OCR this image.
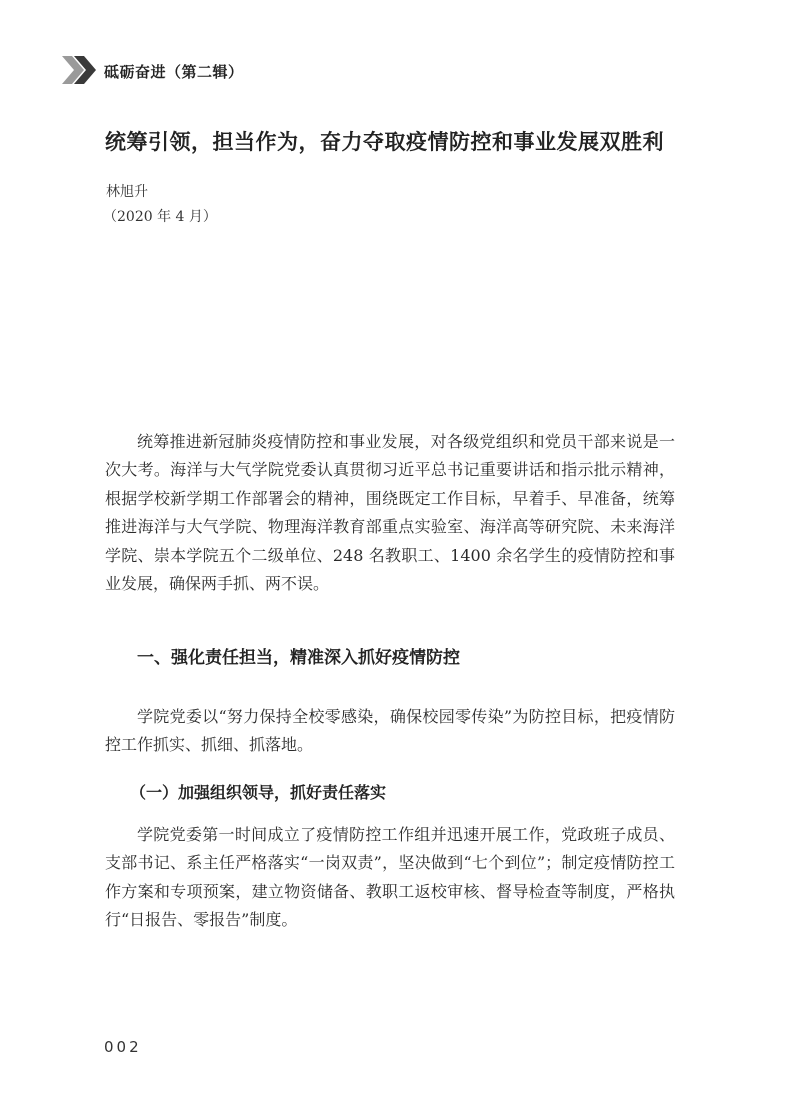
砥砺奋进（第二辑）
统筹引领，担当作为，奋力夺取疫情防控和事业发展双胜利
林旭升
（2020 年 4 月）

统筹推进新冠肺炎疫情防控和事业发展，对各级党组织和党员干部来说是一次大考。海洋与大气学院党委认真贯彻习近平总书记重要讲话和指示批示精神，根据学校新学期工作部署会的精神，围绕既定工作目标，早着手、早准备，统筹推进海洋与大气学院、物理海洋教育部重点实验室、海洋高等研究院、未来海洋学院、崇本学院五个二级单位、248 名教职工、1400 余名学生的疫情防控和事业发展，确保两手抓、两不误。

一、强化责任担当，精准深入抓好疫情防控

学院党委以“努力保持全校零感染，确保校园零传染”为防控目标，把疫情防控工作抓实、抓细、抓落地。

（一）加强组织领导，抓好责任落实

学院党委第一时间成立了疫情防控工作组并迅速开展工作，党政班子成员、支部书记、系主任严格落实“一岗双责”，坚决做到“七个到位”；制定疫情防控工作方案和专项预案，建立物资储备、教职工返校审核、督导检查等制度，严格执行“日报告、零报告”制度。

002
